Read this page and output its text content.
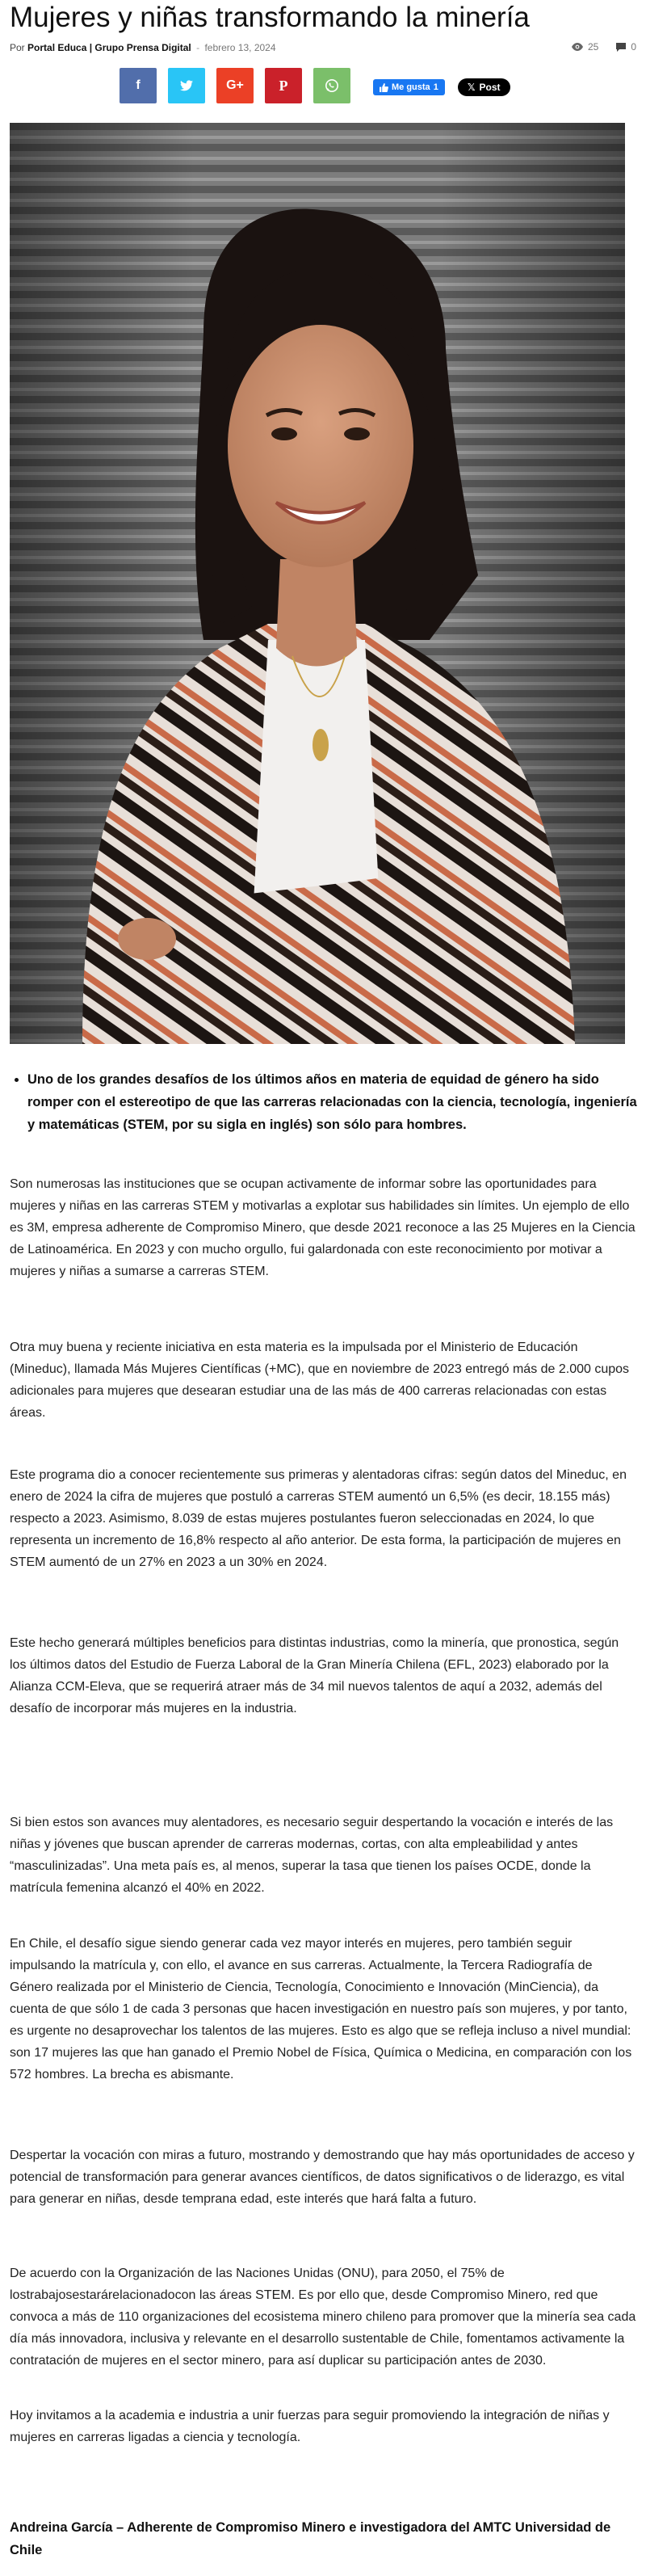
Mujeres y niñas transformando la minería
Por Portal Educa | Grupo Prensa Digital - febrero 13, 2024	25	0
f	G+ P	Me gusta 1	𝕏 Post
• Uno de los grandes desafíos de los últimos años en materia de equidad de género ha sido romper con el estereotipo de que las carreras relacionadas con la ciencia, tecnología, ingeniería y matemáticas (STEM, por su sigla en inglés) son sólo para hombres.

Son numerosas las instituciones que se ocupan activamente de informar sobre las oportunidades para mujeres y niñas en las carreras STEM y motivarlas a explotar sus habilidades sin límites. Un ejemplo de ello es 3M, empresa adherente de Compromiso Minero, que desde 2021 reconoce a las 25 Mujeres en la Ciencia de Latinoamérica. En 2023 y con mucho orgullo, fui galardonada con este reconocimiento por motivar a mujeres y niñas a sumarse a carreras STEM.

Otra muy buena y reciente iniciativa en esta materia es la impulsada por el Ministerio de Educación (Mineduc), llamada Más Mujeres Científicas (+MC), que en noviembre de 2023 entregó más de 2.000 cupos adicionales para mujeres que desearan estudiar una de las más de 400 carreras relacionadas con estas áreas.

Este programa dio a conocer recientemente sus primeras y alentadoras cifras: según datos del Mineduc, en enero de 2024 la cifra de mujeres que postuló a carreras STEM aumentó un 6,5% (es decir, 18.155 más) respecto a 2023. Asimismo, 8.039 de estas mujeres postulantes fueron seleccionadas en 2024, lo que representa un incremento de 16,8% respecto al año anterior. De esta forma, la participación de mujeres en STEM aumentó de un 27% en 2023 a un 30% en 2024.

Este hecho generará múltiples beneficios para distintas industrias, como la minería, que pronostica, según los últimos datos del Estudio de Fuerza Laboral de la Gran Minería Chilena (EFL, 2023) elaborado por la Alianza CCM-Eleva, que se requerirá atraer más de 34 mil nuevos talentos de aquí a 2032, además del desafío de incorporar más mujeres en la industria.

Si bien estos son avances muy alentadores, es necesario seguir despertando la vocación e interés de las niñas y jóvenes que buscan aprender de carreras modernas, cortas, con alta empleabilidad y antes “masculinizadas”. Una meta país es, al menos, superar la tasa que tienen los países OCDE, donde la matrícula femenina alcanzó el 40% en 2022.

En Chile, el desafío sigue siendo generar cada vez mayor interés en mujeres, pero también seguir impulsando la matrícula y, con ello, el avance en sus carreras. Actualmente, la Tercera Radiografía de Género realizada por el Ministerio de Ciencia, Tecnología, Conocimiento e Innovación (MinCiencia), da cuenta de que sólo 1 de cada 3 personas que hacen investigación en nuestro país son mujeres, y por tanto, es urgente no desaprovechar los talentos de las mujeres. Esto es algo que se refleja incluso a nivel mundial: son 17 mujeres las que han ganado el Premio Nobel de Física, Química o Medicina, en comparación con los 572 hombres. La brecha es abismante.

Despertar la vocación con miras a futuro, mostrando y demostrando que hay más oportunidades de acceso y potencial de transformación para generar avances científicos, de datos significativos o de liderazgo, es vital para generar en niñas, desde temprana edad, este interés que hará falta a futuro.

De acuerdo con la Organización de las Naciones Unidas (ONU), para 2050, el 75% de lostrabajosestarárelacionadocon las áreas STEM. Es por ello que, desde Compromiso Minero, red que convoca a más de 110 organizaciones del ecosistema minero chileno para promover que la minería sea cada día más innovadora, inclusiva y relevante en el desarrollo sustentable de Chile, fomentamos activamente la contratación de mujeres en el sector minero, para así duplicar su participación antes de 2030.

Hoy invitamos a la academia e industria a unir fuerzas para seguir promoviendo la integración de niñas y mujeres en carreras ligadas a ciencia y tecnología.

Andreina García – Adherente de Compromiso Minero e investigadora del AMTC Universidad de Chile
